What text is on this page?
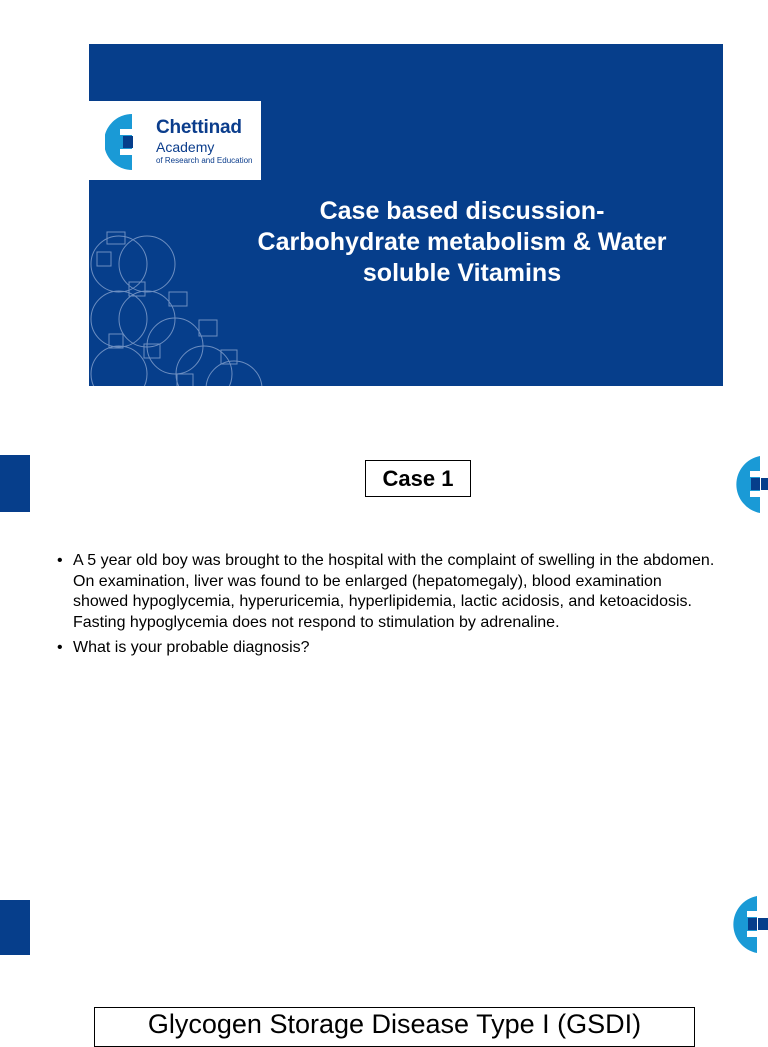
Case based discussion-
Carbohydrate metabolism & Water
soluble Vitamins
Chettinad
Academy
of Research and Education
Case 1
• A 5 year old boy was brought to the hospital with the complaint of swelling in the abdomen. On examination, liver was found to be enlarged (hepatomegaly), blood examination showed hypoglycemia, hyperuricemia, hyperlipidemia, lactic acidosis, and ketoacidosis. Fasting hypoglycemia does not respond to stimulation by adrenaline.
• What is your probable diagnosis?
Glycogen Storage Disease Type I (GSDI)
